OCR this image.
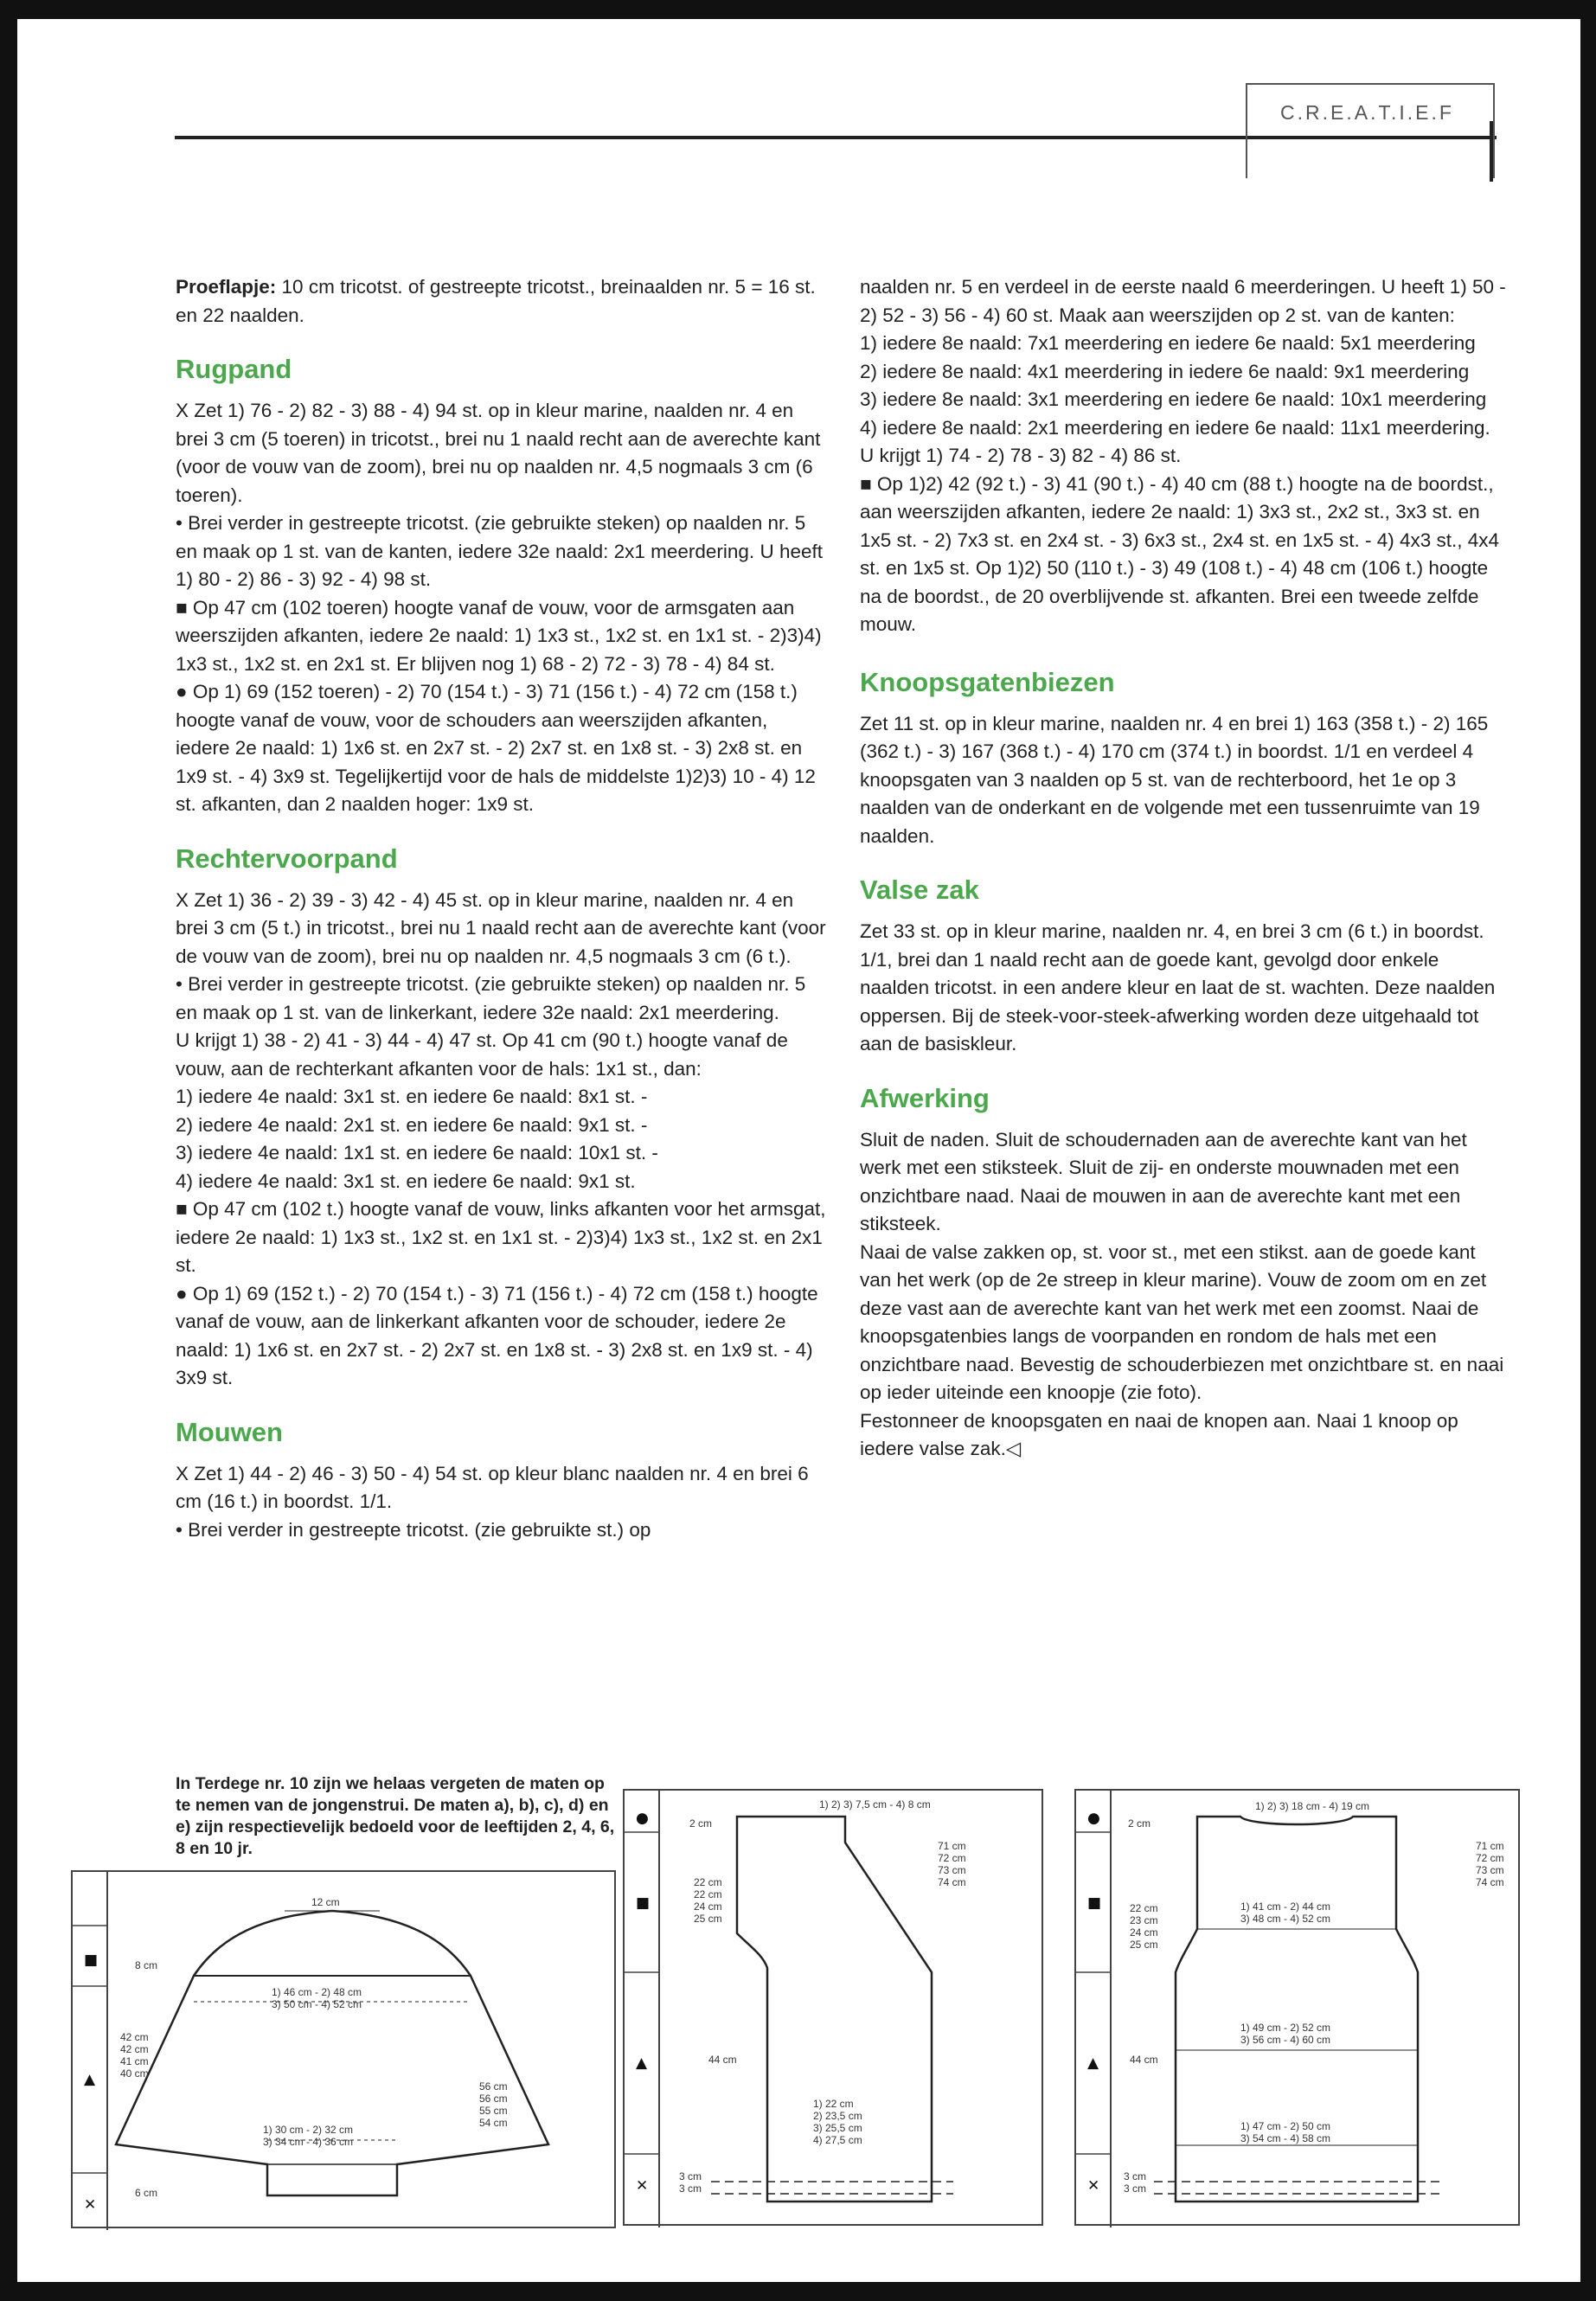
C.R.E.A.T.I.E.F

Proeflapje: 10 cm tricotst. of gestreepte tricotst., breinaalden nr. 5 = 16 st. en 22 naalden.

Rugpand

X Zet 1) 76 - 2) 82 - 3) 88 - 4) 94 st. op in kleur marine, naalden nr. 4 en brei 3 cm (5 toeren) in tricotst., brei nu 1 naald recht aan de averechte kant (voor de vouw van de zoom), brei nu op naalden nr. 4,5 nogmaals 3 cm (6 toeren).

• Brei verder in gestreepte tricotst. (zie gebruikte steken) op naalden nr. 5 en maak op 1 st. van de kanten, iedere 32e naald: 2x1 meerdering. U heeft 1) 80 - 2) 86 - 3) 92 - 4) 98 st.

■ Op 47 cm (102 toeren) hoogte vanaf de vouw, voor de armsgaten aan weerszijden afkanten, iedere 2e naald: 1) 1x3 st., 1x2 st. en 1x1 st. - 2)3)4) 1x3 st., 1x2 st. en 2x1 st. Er blijven nog 1) 68 - 2) 72 - 3) 78 - 4) 84 st.

● Op 1) 69 (152 toeren) - 2) 70 (154 t.) - 3) 71 (156 t.) - 4) 72 cm (158 t.) hoogte vanaf de vouw, voor de schouders aan weerszijden afkanten, iedere 2e naald: 1) 1x6 st. en 2x7 st. - 2) 2x7 st. en 1x8 st. - 3) 2x8 st. en 1x9 st. - 4) 3x9 st. Tegelijkertijd voor de hals de middelste 1)2)3) 10 - 4) 12 st. afkanten, dan 2 naalden hoger: 1x9 st.

Rechtervoorpand

X Zet 1) 36 - 2) 39 - 3) 42 - 4) 45 st. op in kleur marine, naalden nr. 4 en brei 3 cm (5 t.) in tricotst., brei nu 1 naald recht aan de averechte kant (voor de vouw van de zoom), brei nu op naalden nr. 4,5 nogmaals 3 cm (6 t.).

• Brei verder in gestreepte tricotst. (zie gebruikte steken) op naalden nr. 5 en maak op 1 st. van de linkerkant, iedere 32e naald: 2x1 meerdering.

U krijgt 1) 38 - 2) 41 - 3) 44 - 4) 47 st. Op 41 cm (90 t.) hoogte vanaf de vouw, aan de rechterkant afkanten voor de hals: 1x1 st., dan:

1) iedere 4e naald: 3x1 st. en iedere 6e naald: 8x1 st. -

2) iedere 4e naald: 2x1 st. en iedere 6e naald: 9x1 st. -

3) iedere 4e naald: 1x1 st. en iedere 6e naald: 10x1 st. -

4) iedere 4e naald: 3x1 st. en iedere 6e naald: 9x1 st.

■ Op 47 cm (102 t.) hoogte vanaf de vouw, links afkanten voor het armsgat, iedere 2e naald: 1) 1x3 st., 1x2 st. en 1x1 st. - 2)3)4) 1x3 st., 1x2 st. en 2x1 st.

● Op 1) 69 (152 t.) - 2) 70 (154 t.) - 3) 71 (156 t.) - 4) 72 cm (158 t.) hoogte vanaf de vouw, aan de linkerkant afkanten voor de schouder, iedere 2e naald: 1) 1x6 st. en 2x7 st. - 2) 2x7 st. en 1x8 st. - 3) 2x8 st. en 1x9 st. - 4) 3x9 st.

Mouwen

X Zet 1) 44 - 2) 46 - 3) 50 - 4) 54 st. op kleur blanc naalden nr. 4 en brei 6 cm (16 t.) in boordst. 1/1.

• Brei verder in gestreepte tricotst. (zie gebruikte st.) op

naalden nr. 5 en verdeel in de eerste naald 6 meerderingen. U heeft 1) 50 - 2) 52 - 3) 56 - 4) 60 st. Maak aan weerszijden op 2 st. van de kanten:

1) iedere 8e naald: 7x1 meerdering en iedere 6e naald: 5x1 meerdering

2) iedere 8e naald: 4x1 meerdering in iedere 6e naald: 9x1 meerdering

3) iedere 8e naald: 3x1 meerdering en iedere 6e naald: 10x1 meerdering

4) iedere 8e naald: 2x1 meerdering en iedere 6e naald: 11x1 meerdering.

U krijgt 1) 74 - 2) 78 - 3) 82 - 4) 86 st.

■ Op 1)2) 42 (92 t.) - 3) 41 (90 t.) - 4) 40 cm (88 t.) hoogte na de boordst., aan weerszijden afkanten, iedere 2e naald: 1) 3x3 st., 2x2 st., 3x3 st. en 1x5 st. - 2) 7x3 st. en 2x4 st. - 3) 6x3 st., 2x4 st. en 1x5 st. - 4) 4x3 st., 4x4 st. en 1x5 st. Op 1)2) 50 (110 t.) - 3) 49 (108 t.) - 4) 48 cm (106 t.) hoogte na de boordst., de 20 overblijvende st. afkanten. Brei een tweede zelfde mouw.

Knoopsgatenbiezen

Zet 11 st. op in kleur marine, naalden nr. 4 en brei 1) 163 (358 t.) - 2) 165 (362 t.) - 3) 167 (368 t.) - 4) 170 cm (374 t.) in boordst. 1/1 en verdeel 4 knoopsgaten van 3 naalden op 5 st. van de rechterboord, het 1e op 3 naalden van de onderkant en de volgende met een tussenruimte van 19 naalden.

Valse zak

Zet 33 st. op in kleur marine, naalden nr. 4, en brei 3 cm (6 t.) in boordst. 1/1, brei dan 1 naald recht aan de goede kant, gevolgd door enkele naalden tricotst. in een andere kleur en laat de st. wachten. Deze naalden oppersen. Bij de steek-voor-steek-afwerking worden deze uitgehaald tot aan de basiskleur.

Afwerking

Sluit de naden. Sluit de schoudernaden aan de averechte kant van het werk met een stiksteek. Sluit de zij- en onderste mouwnaden met een onzichtbare naad. Naai de mouwen in aan de averechte kant met een stiksteek.

Naai de valse zakken op, st. voor st., met een stikst. aan de goede kant van het werk (op de 2e streep in kleur marine). Vouw de zoom om en zet deze vast aan de averechte kant van het werk met een zoomst. Naai de knoopsgatenbies langs de voorpanden en rondom de hals met een onzichtbare naad. Bevestig de schouderbiezen met onzichtbare st. en naai op ieder uiteinde een knoopje (zie foto).

Festonneer de knoopsgaten en naai de knopen aan. Naai 1 knoop op iedere valse zak.◁

In Terdege nr. 10 zijn we helaas vergeten de maten op te nemen van de jongenstrui. De maten a), b), c), d) en e) zijn respectievelijk bedoeld voor de leeftijden 2, 4, 6, 8 en 10 jr.
■
▲
✕
12 cm
8 cm
1) 46 cm - 2) 48 cm
3) 50 cm - 4) 52 cm
42 cm
42 cm
41 cm
40 cm
56 cm
56 cm
55 cm
54 cm
1) 30 cm - 2) 32 cm
3) 34 cm - 4) 36 cm
6 cm
●
■
▲
✕
1) 2) 3) 7,5 cm - 4) 8 cm
2 cm
22 cm
22 cm
24 cm
25 cm
71 cm
72 cm
73 cm
74 cm
44 cm
1) 22 cm
2) 23,5 cm
3) 25,5 cm
4) 27,5 cm
3 cm
3 cm
●
■
▲
✕
1) 2) 3) 18 cm - 4) 19 cm
2 cm
22 cm
23 cm
24 cm
25 cm
71 cm
72 cm
73 cm
74 cm
1) 41 cm - 2) 44 cm
3) 48 cm - 4) 52 cm
1) 49 cm - 2) 52 cm
3) 56 cm - 4) 60 cm
44 cm
1) 47 cm - 2) 50 cm
3) 54 cm - 4) 58 cm
3 cm
3 cm
